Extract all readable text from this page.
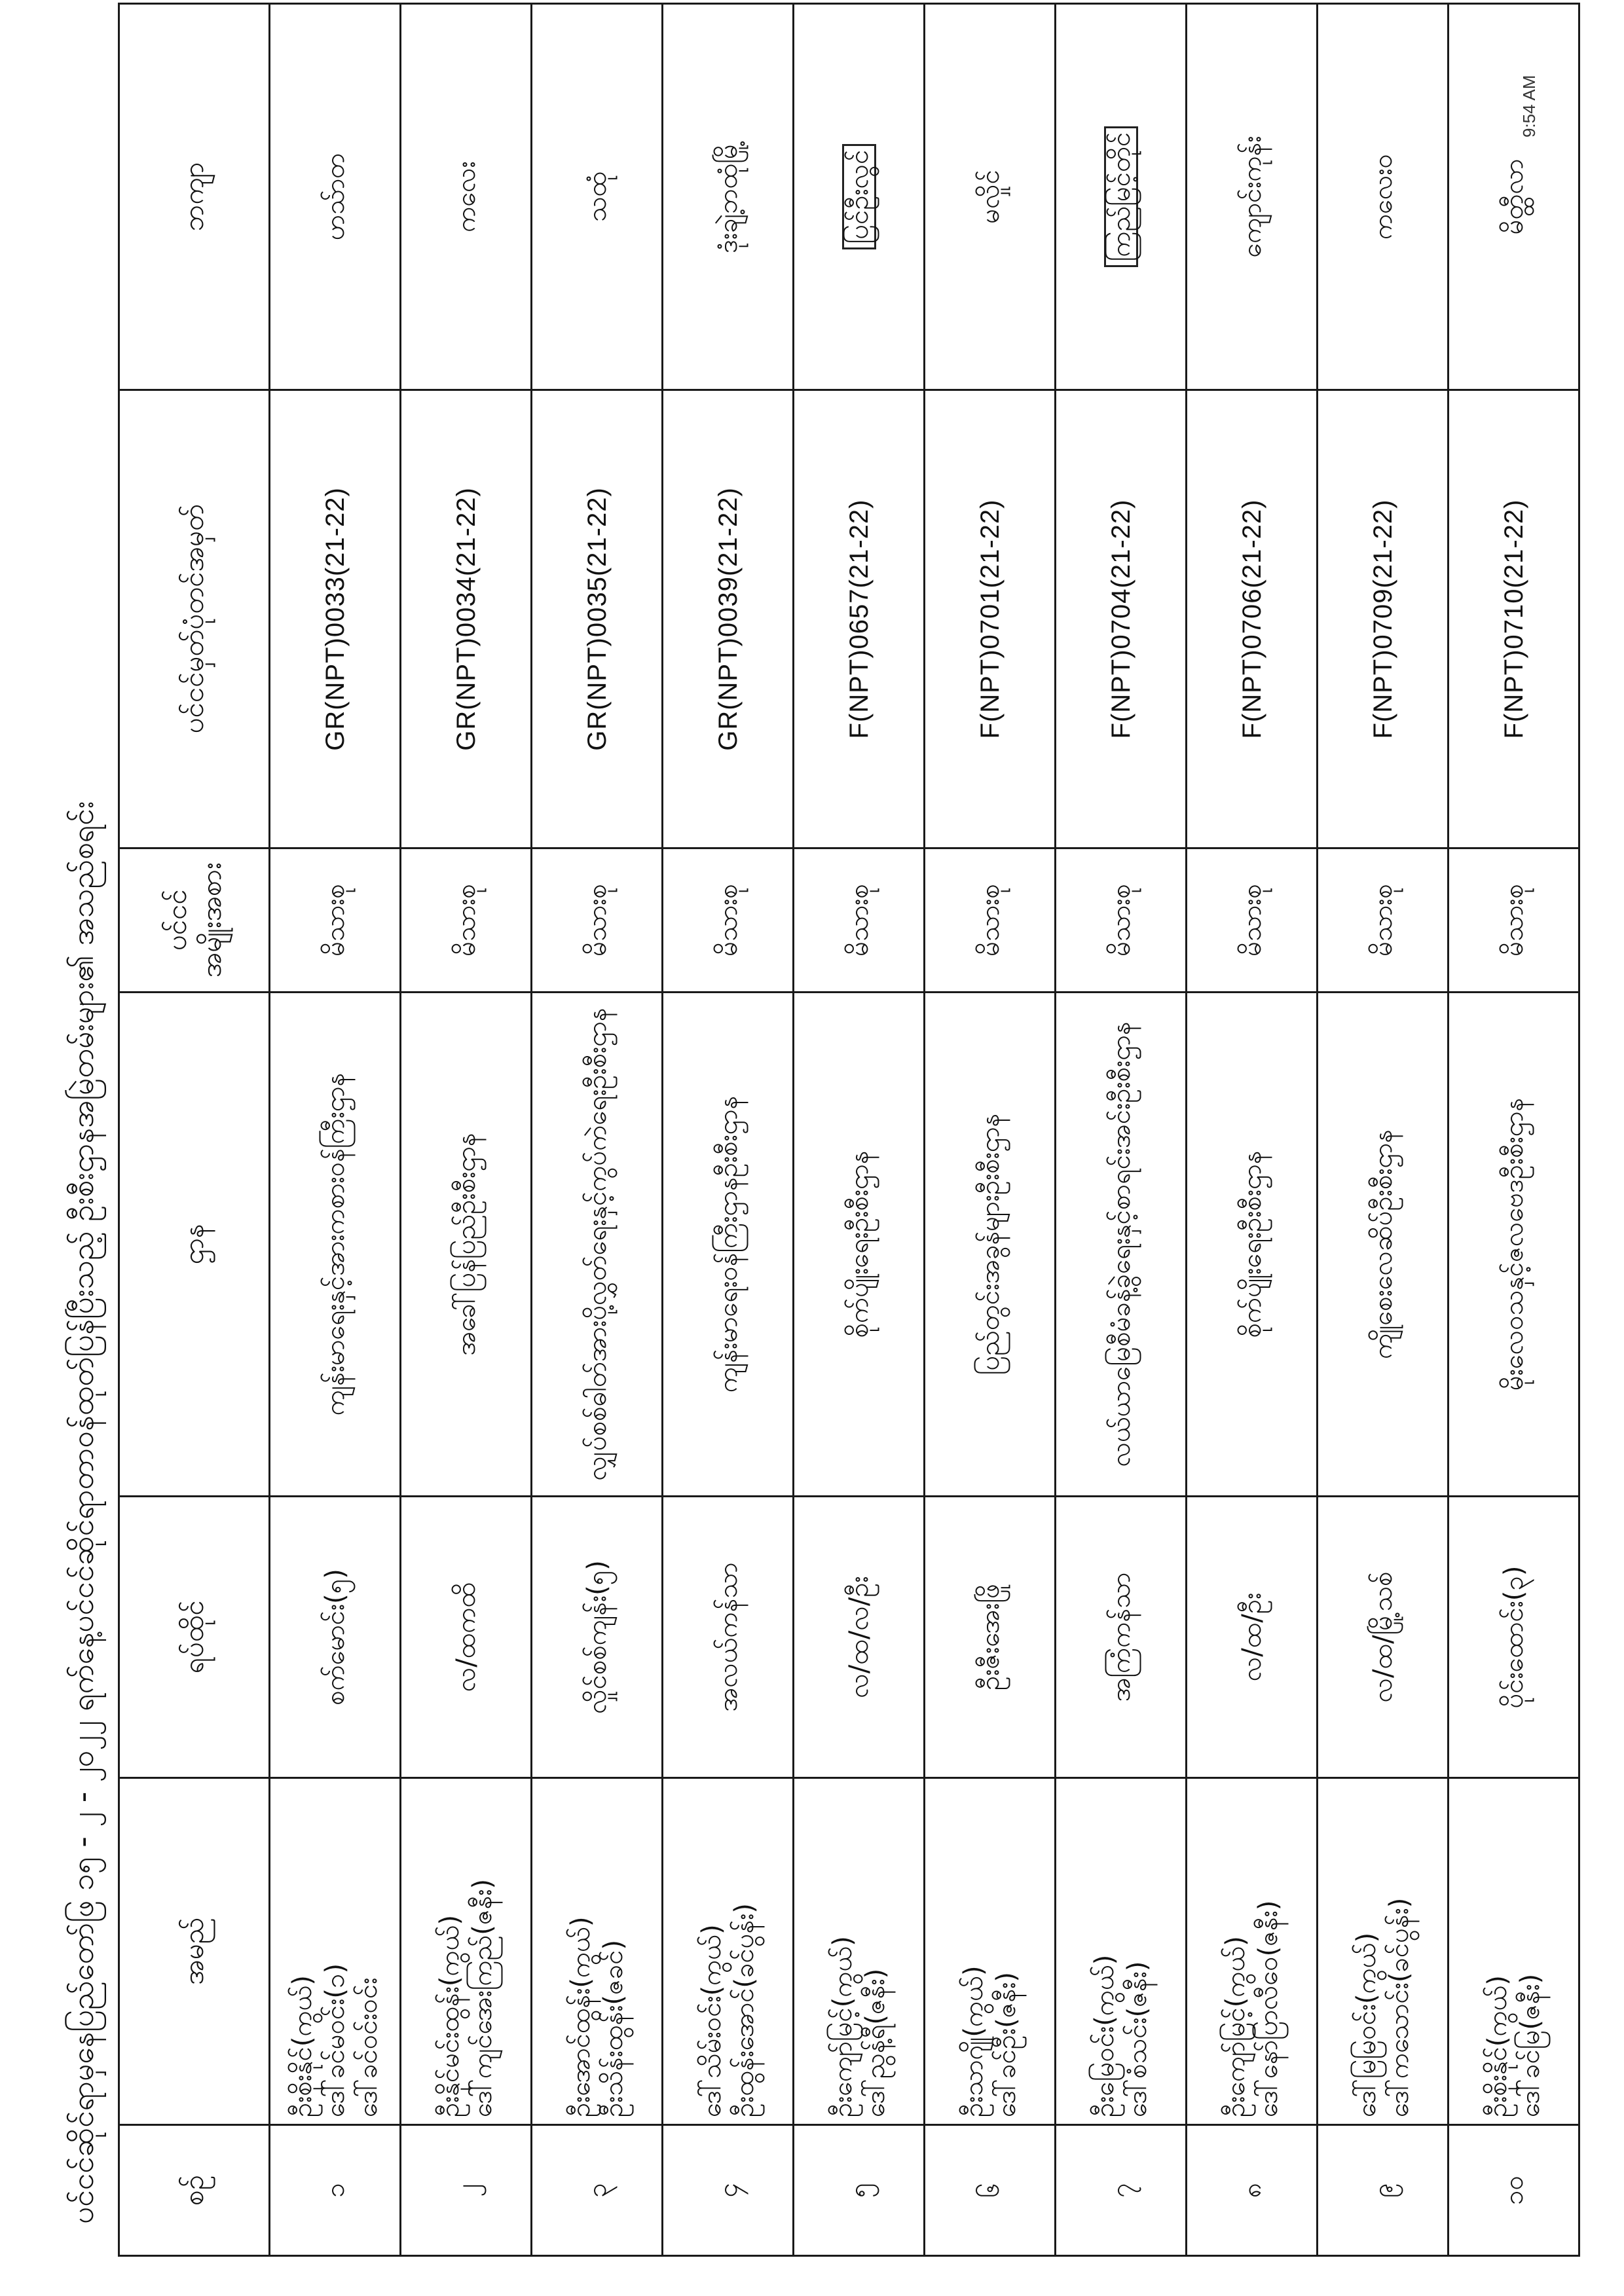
9:54 AM
ပင်ငင်ဆိုင်ရာမှနေပြည်တော်ဖြ ၁၅ - ၂ - ၂၀၂၂ ရက်နေ့ပင်ငင်ဆိုင်ရာတာဝန်ထုတ်ပြန်ပြီးသည့် ဦးစီးဌာနအမြဲတမ်းများ၏ အသည်စရင်း	စဉ်	အမည်	ရပ်ထိုင်	ဌာန	ပင်ငင် အမျိုးအစား	ပင်ငင်မှတ်ပုံတင်အမှတ်	ဘကျာ
၁	ဦးစိုးနိုင်(ကွယ်) ဒေါ်ခင်မဝင်း(၁) ဒေါ်ခင်ဝင်းဝင်း	စက်မောင်း(၅)	ကျန်းမာရေးနှင့်အားကစားဝန်ကြီးဌာန	မိသားစု	GR(NPT)0033(21-22)	ဟသ်ာတ
၂	ဦးနိုင်မင်းထွန်း(ကွယ်) ဒေါ်ကျင်အေးကြည်(ဇနီး)	လ/ထကထိ	အခေါ်ပြန်ပြည်ဦးစီးဌာန	မိသားစု	GR(NPT)0034(21-22)	ကလေး
၃	ဦးအောင်ထွန်း(ကွယ်) ဦးသိန်းထွန်း(ဇခင်)	လှိုင်စစ်ကျန်း(၅)	လျှပ်စစ်ဓါတ်အားပို့လွှတ်ရေးနှင့်ကွပ်ကဲရေးဦးစီးဌာန	မိသားစု	GR(NPT)0035(21-22)	သထုံ
၄	ဒေါ်သိမ်းဝင်း(ကွယ်) ဦးထွန်းအောင်(ခင်ပွန်း)	အလယ်ကန်သာ	ကျန်းမာရေးဝန်ကြီးဌာနဦးစီးဌာန	မိသားစု	GR(NPT)0039(21-22)	ဒုံးချဲ့ဘထုံမြို့
၅	ဦးကျော်မြင့်(ကွယ်) ဒေါ်ညွန့်ရီ(ဇနီး)	လ/ထ/လ/ဦး	စိုက်ပျိုးရေးဦးစီးဌာန	မိသားစု	F(NPT)0657(21-22)	ပြင်ဦးလွင်
၆	ဦးသာဂျို(ကွယ်) ဒေါ်ခင်ဦး(ဇနီး)	ဦးဇီးအေးဖြို	ပြည်တွင်းအခွန်များဦးစီးဌာန	မိသားစု	F(NPT)0701(21-22)	မလှိုင်
၇	ဦးမြေဝင်း(ကွယ်) ဒေါ်စံသင်း(ဇနီး)	အကြံကန်သာ	လယ်ယာမြေစီမံခန့်ခွဲရေးနှင့်စာရင်းအင်းဦးစီးဌာန	မိသားစု	F(NPT)0704(21-22)	ကြည်မြင့်တိုင်
၈	ဦးကျော်မြင့်(ကွယ်) ဒေါ်နော်ပြာလီဝေ(ဇနီး)	လ/ထ/ဦး	စိုက်ပျိုးရေးဦးစီးဌာန	မိသားစု	F(NPT)0706(21-22)	ကျောင်းကုန်း
၉	ဒေါ်မြမြဝင်း(ကွယ်) ဒေါ်ကသောင်း(ခင်ပွန်း)	လ/ထ/မြို့သစ်	ကျိုစေးလေဆိပ်ဦးစီးဌာန	မိသားစု	F(NPT)0709(21-22)	ကလေးဝ
၁၀	ဦးစိုးနိုင်(ကွယ်) ဒေါ်ခင်မြ(ဇနီး)	ပိုင်းထောင်း(၃)	မိုးလေဝသနှင့်ဇလဗေဒဦးစီးဌာန	မိသားစု	F(NPT)0710(21-22)	မိတ္ထီလာ
